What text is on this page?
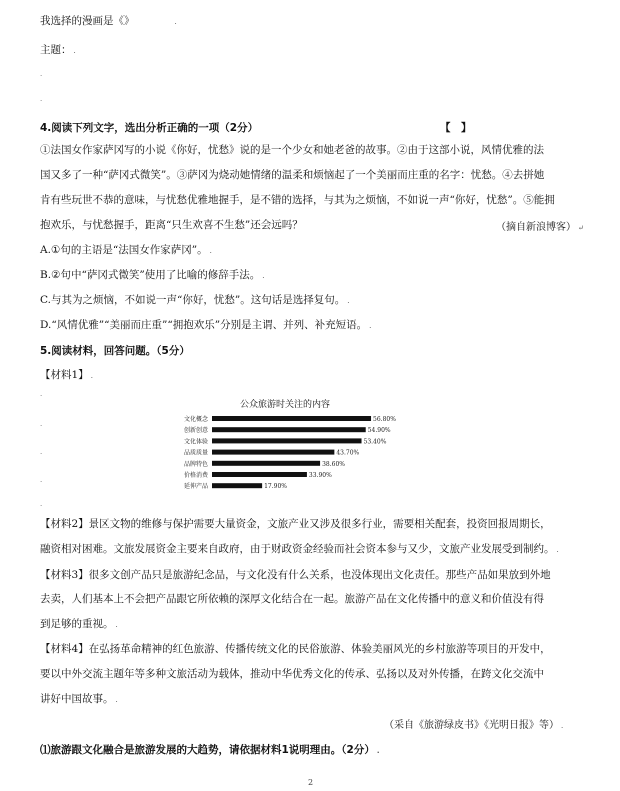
我选择的漫画是《》	.
主题： .
.
.
4.阅读下列文字，选出分析正确的一项（2分）	【　】
①法国女作家萨冈写的小说《你好，忧愁》说的是一个少女和她老爸的故事。②由于这部小说，风情优雅的法
国又多了一种“萨冈式微笑”。③萨冈为烧动她情绪的温柔和烦恼起了一个美丽而庄重的名字：忧愁。④去拼她
肯有些玩世不恭的意味，与忧愁优雅地握手，是不错的选择，与其为之烦恼，不如说一声“你好，忧愁”。⑤能拥
抱欢乐，与忧愁握手，距离“只生欢喜不生愁”还会远吗？	（摘自新浪博客） ↵
A.①句的主语是“法国女作家萨冈”。 .
B.②句中“萨冈式微笑”使用了比喻的修辞手法。 .
C.与其为之烦恼，不如说一声“你好，忧愁”。这句话是选择复句。 .
D.“风情优雅”“美丽而庄重”“拥抱欢乐”分别是主谓、并列、补充短语。 .
5.阅读材料，回答问题。（5分）
【材料1】 .
.
.
.
.
.
公众旅游时关注的内容
文化概念	56.80%
创新创意	54.90%
文化体验	53.40%
品质质量	43.70%
品牌特色	38.60%
价格消费	33.90%
延伸产品	17.90%
【材料2】景区文物的维修与保护需要大量资金，文旅产业又涉及很多行业，需要相关配套，投资回报周期长，
融资相对困难。文旅发展资金主要来自政府，由于财政资金经验而社会资本参与又少，文旅产业发展受到制约。 .
【材料3】很多文创产品只是旅游纪念品，与文化没有什么关系，也没体现出文化责任。那些产品如果放到外地
去卖，人们基本上不会把产品跟它所依赖的深厚文化结合在一起。旅游产品在文化传播中的意义和价值没有得
到足够的重视。 .
【材料4】在弘扬革命精神的红色旅游、传播传统文化的民俗旅游、体验美丽风光的乡村旅游等项目的开发中，
要以中外交流主题年等多种文旅活动为载体，推动中华优秀文化的传承、弘扬以及对外传播，在跨文化交流中
讲好中国故事。 .
（采自《旅游绿皮书》《光明日报》等） .
⑴旅游跟文化融合是旅游发展的大趋势，请依据材料1说明理由。（2分） .
2
